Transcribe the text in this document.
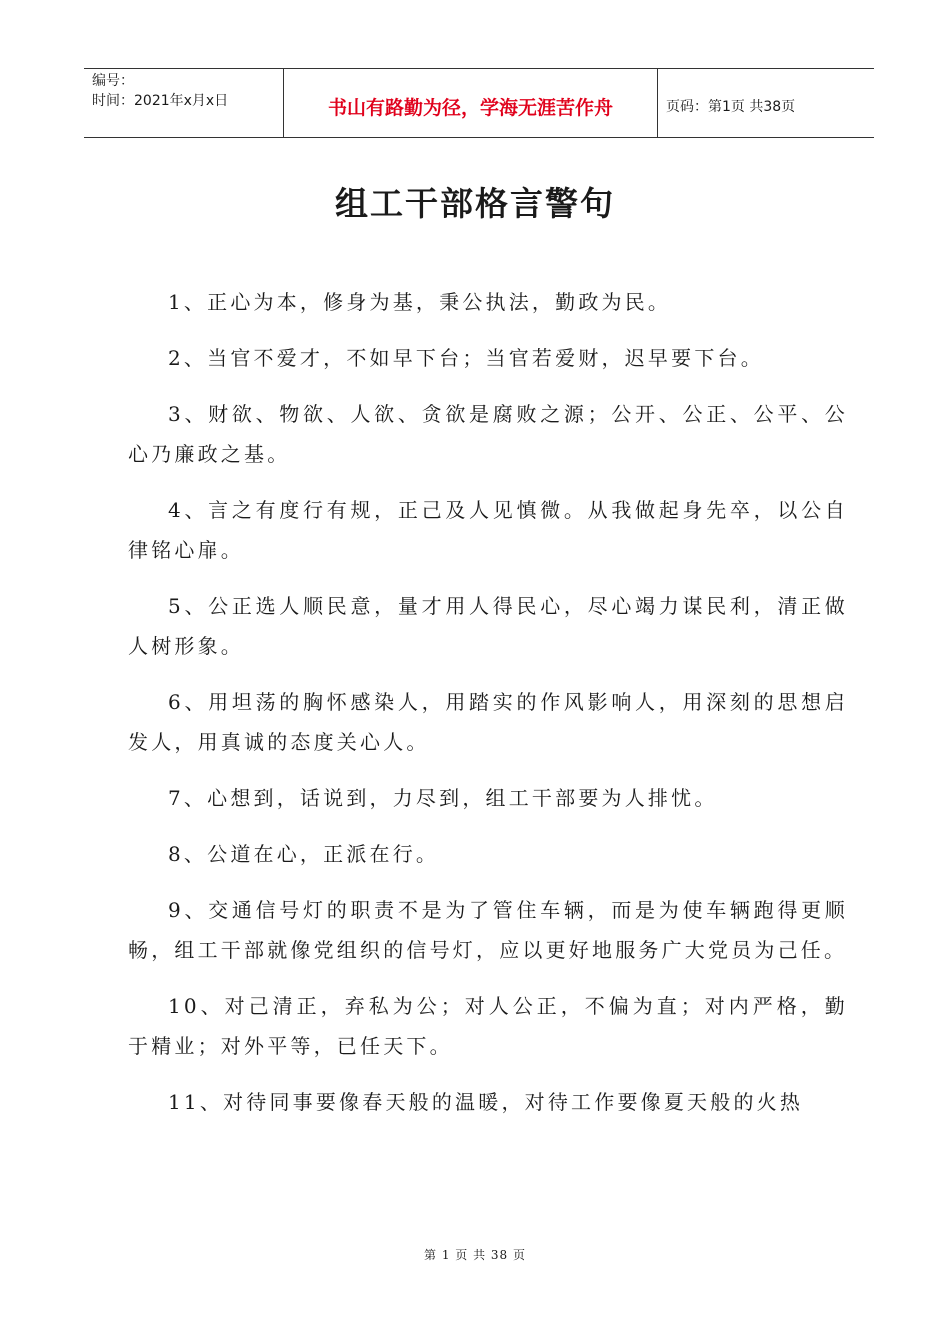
编号：
时间：2021年x月x日	书山有路勤为径，学海无涯苦作舟	页码：第1页 共38页
组工干部格言警句

1、正心为本，修身为基，秉公执法，勤政为民。

2、当官不爱才，不如早下台；当官若爱财，迟早要下台。

3、财欲、物欲、人欲、贪欲是腐败之源；公开、公正、公平、公心乃廉政之基。

4、言之有度行有规，正己及人见慎微。从我做起身先卒，以公自律铭心扉。

5、公正选人顺民意，量才用人得民心，尽心竭力谋民利，清正做人树形象。

6、用坦荡的胸怀感染人，用踏实的作风影响人，用深刻的思想启发人，用真诚的态度关心人。

7、心想到，话说到，力尽到，组工干部要为人排忧。

8、公道在心，正派在行。

9、交通信号灯的职责不是为了管住车辆，而是为使车辆跑得更顺畅，组工干部就像党组织的信号灯，应以更好地服务广大党员为己任。

10、对己清正，弃私为公；对人公正，不偏为直；对内严格，勤于精业；对外平等，已任天下。

11、对待同事要像春天般的温暖，对待工作要像夏天般的火热

第 1 页 共 38 页
